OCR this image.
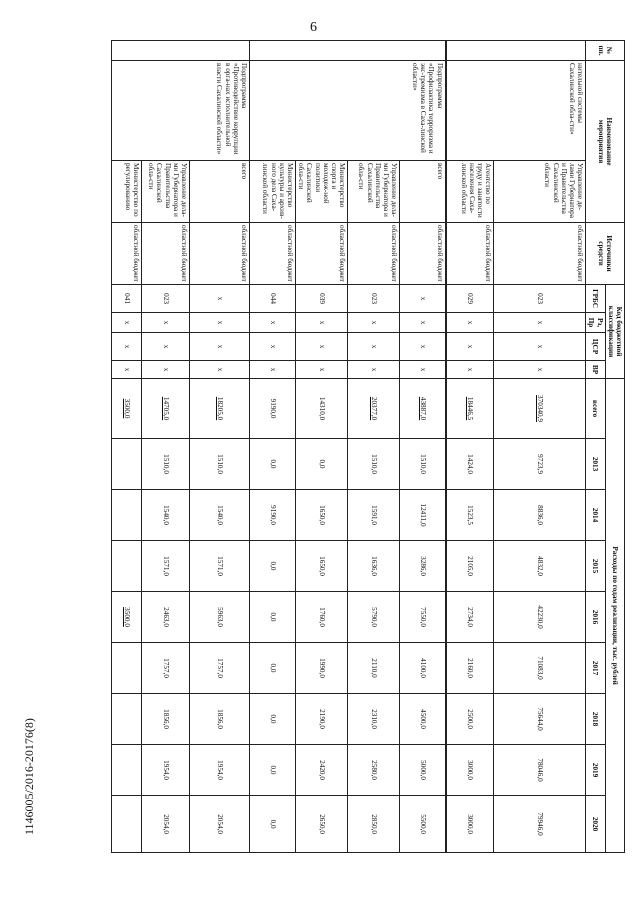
6
1146005/2016-20176(8)
№
пп.	Наименование
мероприятия		Источники
средств	Код бюджетной
классификации				Расходы по годам реализации, тыс. рублей								
				ГРБС	Рз,
Пр	ЦСР	ВР	всего	2013	2014	2015	2016	2017	2018	2019	2020
	нительной системы Сахалинской обла-сти»	Управление де-лами Губернатора и Правительства Сахалинской области	областной бюджет	023	x	x	x	370340,9	9723,9	8836,0	4832,0	42230,0	71083,0	75644,0	78046,0	79946,0
		Агентство по труду и занятости населения Саха-линской области	областной бюджет	029	x	x	x	18446,5	1424,0	1523,5	2105,0	2734,0	2160,0	2500,0	3000,0	3000,0
	Подпрограмма «Профилактика терроризма и экс-тремизма в Саха-линской области»	всего	областной бюджет	x	x	x	x	43887,0	1510,0	12411,0	3286,0	7550,0	4100,0	4500,0	5000,0	5500,0
		Управление дела-ми Губернатора и Правительства Сахалинской обла-сти	областной бюджет	023	x	x	x	20377,0	1510,0	1591,0	1636,0	5790,0	2110,0	2310,0	2580,0	2850,0
		Министерство спорта и молодеж-ной политики Сахалинской обла-сти	областной бюджет	039	x	x	x	14310,0	0,0	1650,0	1650,0	1760,0	1990,0	2190,0	2420,0	2650,0
		Министерство культуры и архив-ного дела Саха-линской области	областной бюджет	044	x	x	x	9190,0	0,0	9190,0	0,0	0,0	0,0	0,0	0,0	0,0
	Подпрограмма «Противодействие коррупции в орга-нах исполнительной власти Сахалинской области»	всего	областной бюджет	x	x	x	x	18205,0	1510,0	1540,0	1571,0	5963,0	1757,0	1856,0	1954,0	2054,0
		Управление дела-ми Губернатора и Правительства Сахалинской обла-сти	областной бюджет	023	x	x	x	14705,0	1510,0	1540,0	1571,0	2463,0	1757,0	1856,0	1954,0	2054,0
		Министерство по регулированию	областной бюджет	041	x	x	x	3500,0				3500,0				
